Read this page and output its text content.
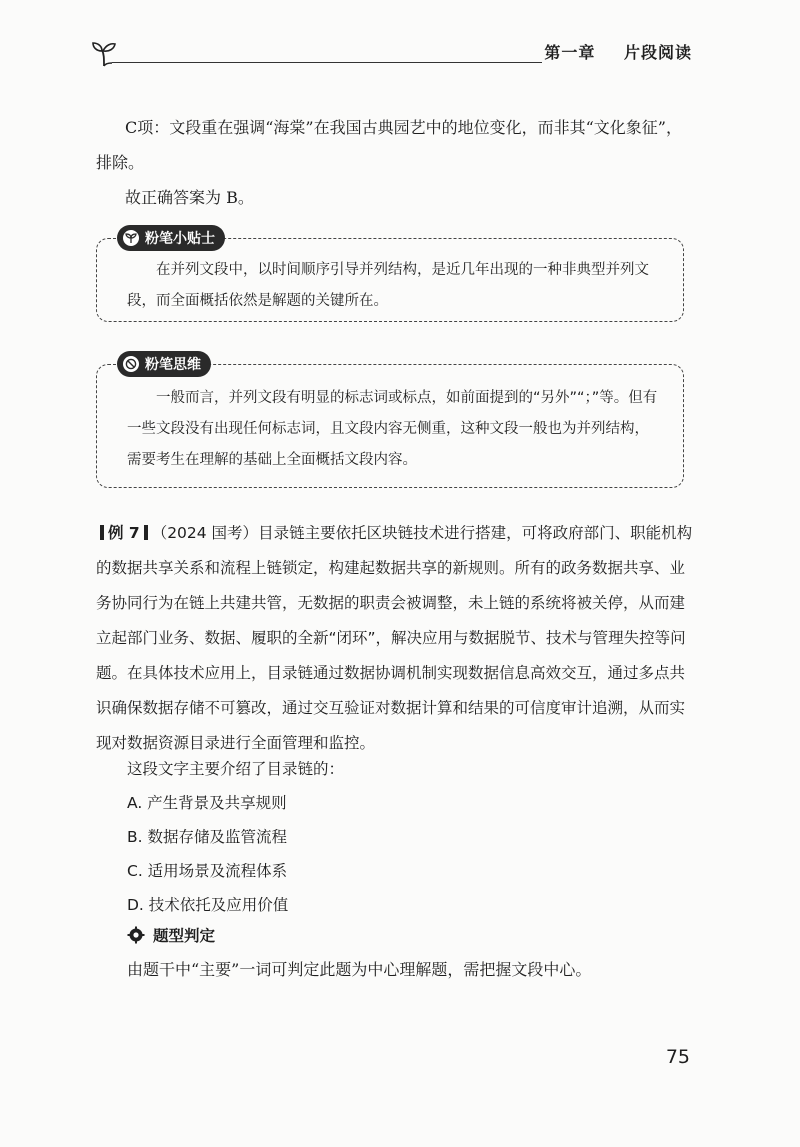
第一章 片段阅读

C项：文段重在强调“海棠”在我国古典园艺中的地位变化，而非其“文化象征”，排除。

故正确答案为 B。

粉笔小贴士

在并列文段中，以时间顺序引导并列结构，是近几年出现的一种非典型并列文段，而全面概括依然是解题的关键所在。

粉笔思维

一般而言，并列文段有明显的标志词或标点，如前面提到的“另外”“；”等。但有一些文段没有出现任何标志词，且文段内容无侧重，这种文段一般也为并列结构，需要考生在理解的基础上全面概括文段内容。

例 7 （2024 国考）目录链主要依托区块链技术进行搭建，可将政府部门、职能机构的数据共享关系和流程上链锁定，构建起数据共享的新规则。所有的政务数据共享、业务协同行为在链上共建共管，无数据的职责会被调整，未上链的系统将被关停，从而建立起部门业务、数据、履职的全新“闭环”，解决应用与数据脱节、技术与管理失控等问题。在具体技术应用上，目录链通过数据协调机制实现数据信息高效交互，通过多点共识确保数据存储不可篡改，通过交互验证对数据计算和结果的可信度审计追溯，从而实现对数据资源目录进行全面管理和监控。

这段文字主要介绍了目录链的：

A. 产生背景及共享规则
B. 数据存储及监管流程
C. 适用场景及流程体系
D. 技术依托及应用价值
题型判定

由题干中“主要”一词可判定此题为中心理解题，需把握文段中心。

75
